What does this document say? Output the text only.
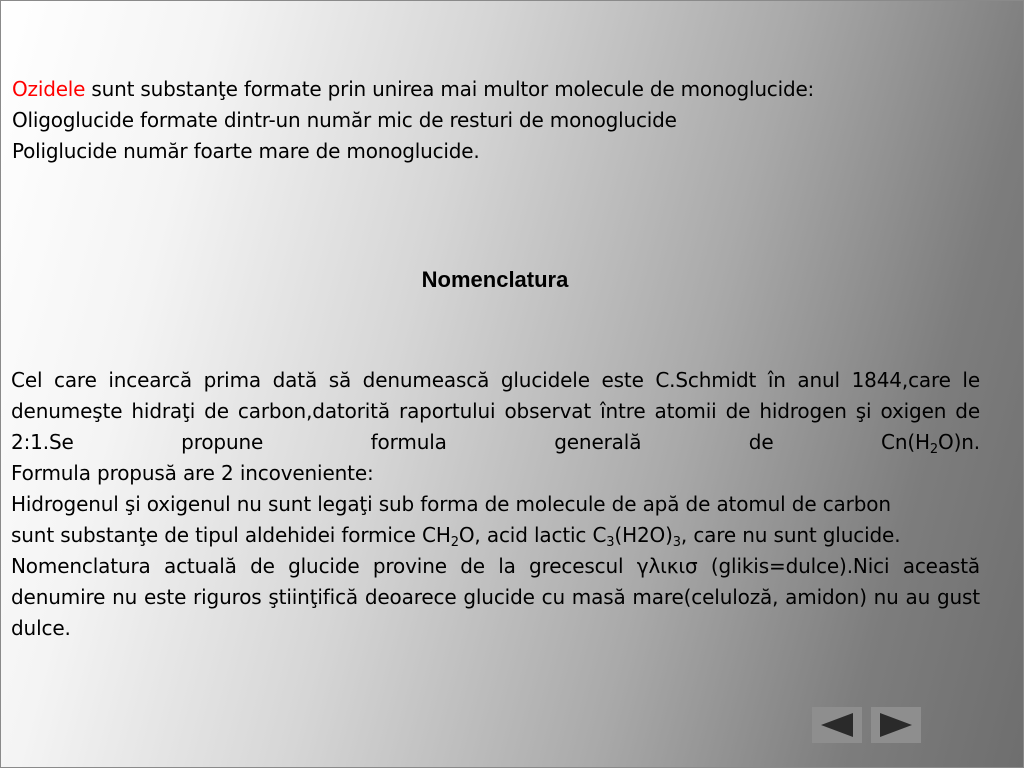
Ozidele sunt substanţe formate prin unirea mai multor molecule de monoglucide:

Oligoglucide formate dintr-un număr mic de resturi de monoglucide

Poliglucide număr foarte mare de monoglucide.

Nomenclatura

Cel care incearcă prima dată să denumească glucidele este C.Schmidt în anul 1844,care le denumeşte hidraţi de carbon,datorită raportului observat între atomii de hidrogen şi oxigen de 2:1.Se propune formula generală de $Cn(H_2O)n$.

Formula propusă are 2 incoveniente:

Hidrogenul şi oxigenul nu sunt legaţi sub forma de molecule de apă de atomul de carbon

sunt substanţe de tipul aldehidei formice $CH_2O$, acid lactic $C_3(H2O)_3$, care nu sunt glucide.

Nomenclatura actuală de glucide provine de la grecescul γλικισ (glikis=dulce).Nici această denumire nu este riguros ştiinţifică deoarece glucide cu masă mare(celuloză, amidon) nu au gust dulce.
